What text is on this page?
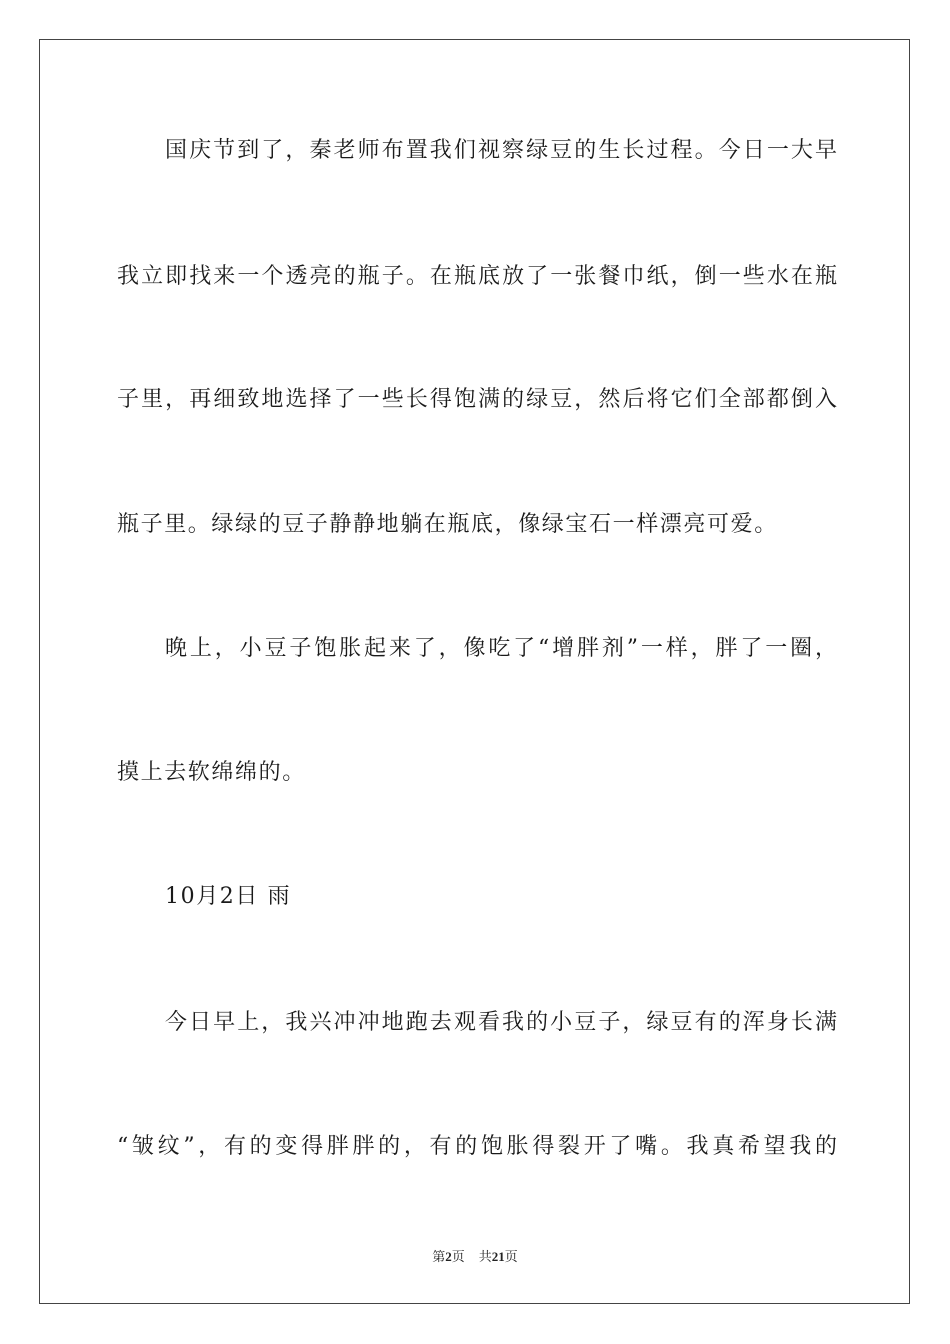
国庆节到了，秦老师布置我们视察绿豆的生长过程。今日一大早
我立即找来一个透亮的瓶子。在瓶底放了一张餐巾纸，倒一些水在瓶
子里，再细致地选择了一些长得饱满的绿豆，然后将它们全部都倒入
瓶子里。绿绿的豆子静静地躺在瓶底，像绿宝石一样漂亮可爱。
晚上，小豆子饱胀起来了，像吃了“增胖剂”一样，胖了一圈，
摸上去软绵绵的。
10月2日 雨
今日早上，我兴冲冲地跑去观看我的小豆子，绿豆有的浑身长满
“皱纹”，有的变得胖胖的，有的饱胀得裂开了嘴。我真希望我的
第2页 共21页
